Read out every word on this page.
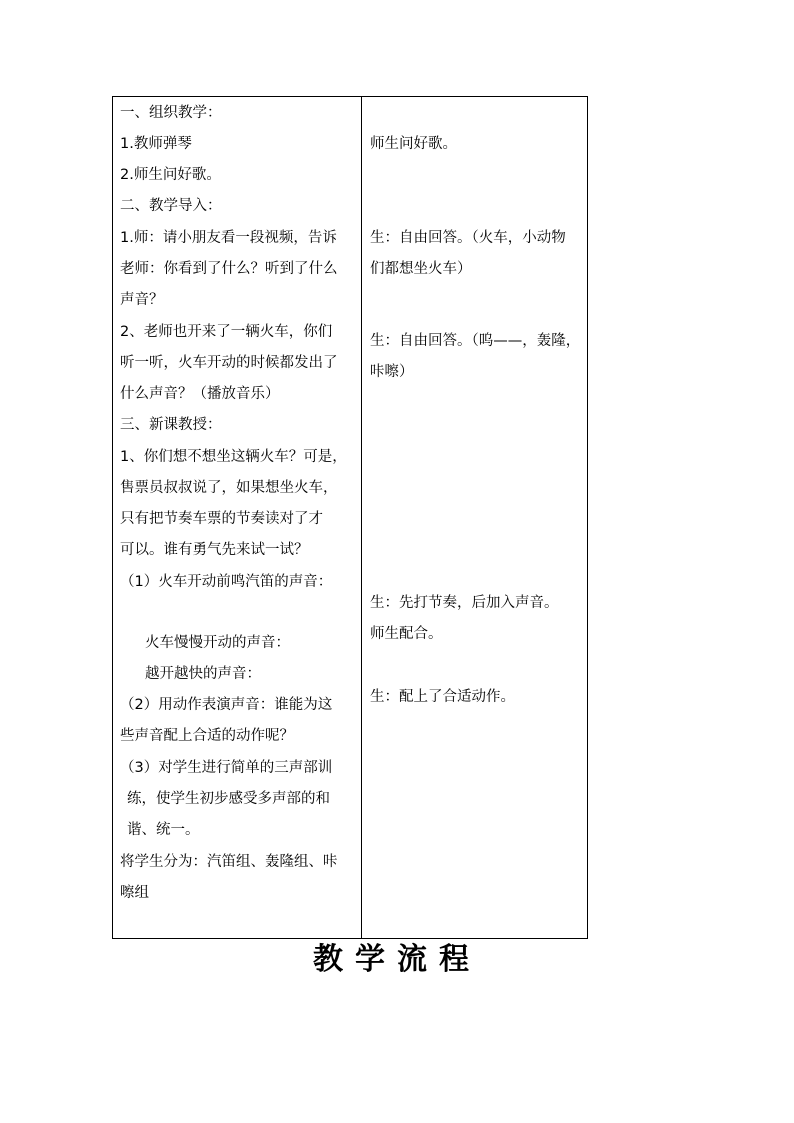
一、组织教学：
1.教师弹琴
2.师生问好歌。
二、教学导入：
1.师：请小朋友看一段视频，告诉
老师：你看到了什么？听到了什么
声音？
2、老师也开来了一辆火车，你们
听一听，火车开动的时候都发出了
什么声音？（播放音乐）
三、新课教授：
1、你们想不想坐这辆火车？可是，
售票员叔叔说了，如果想坐火车，
只有把节奏车票的节奏读对了才
可以。谁有勇气先来试一试？
（1）火车开动前鸣汽笛的声音：
火车慢慢开动的声音：
越开越快的声音：
（2）用动作表演声音：谁能为这
些声音配上合适的动作呢？
（3）对学生进行简单的三声部训
练，使学生初步感受多声部的和
谐、统一。
将学生分为：汽笛组、轰隆组、咔
嚓组
师生问好歌。
生：自由回答。（火车，小动物
们都想坐火车）
生：自由回答。（呜——，轰隆，
咔嚓）
生：先打节奏，后加入声音。
师生配合。
生：配上了合适动作。
教学流程
